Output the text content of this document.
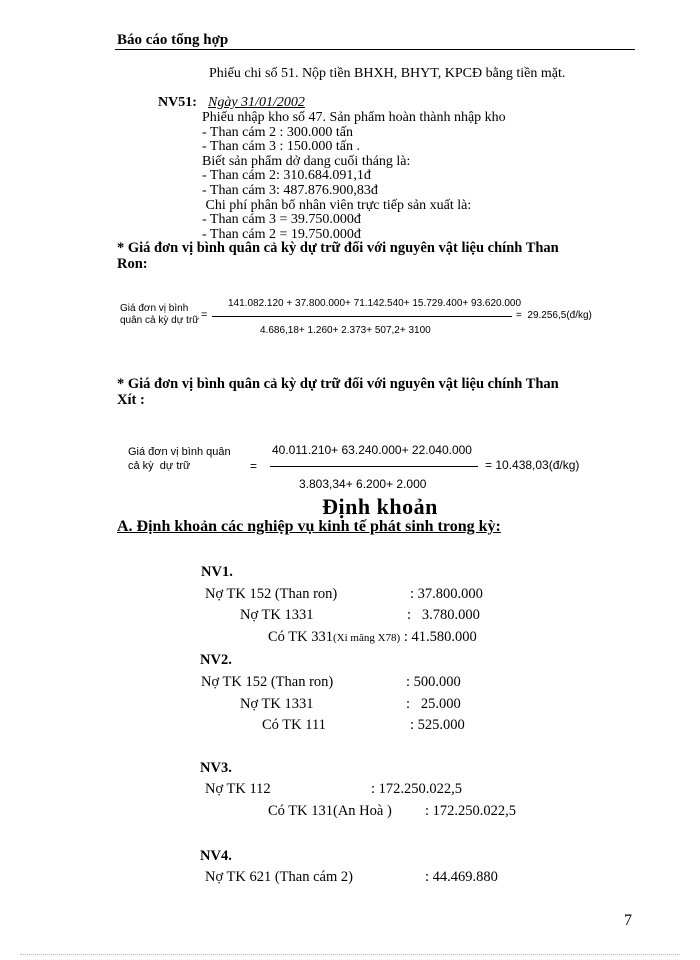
Báo cáo tổng hợp
Phiếu chi số 51. Nộp tiền BHXH, BHYT, KPCĐ bằng tiền mặt.
NV51: Ngày 31/01/2002
Phiếu nhập kho số 47. Sản phẩm hoàn thành nhập kho
- Than cám 2 : 300.000 tấn
- Than cám 3 : 150.000 tấn .
Biết sản phẩm dở dang cuối tháng là:
- Than cám 2: 310.684.091,1đ
- Than cám 3: 487.876.900,83đ
Chi phí phân bổ nhân viên trực tiếp sản xuất là:
- Than cám 3 = 39.750.000đ
- Than cám 2 = 19.750.000đ
* Giá đơn vị bình quân cả kỳ dự trữ đối với nguyên vật liệu chính Than
Ron:
Giá đơn vị bình
quân cả kỳ dự trữ =
141.082.120 + 37.800.000+ 71.142.540+ 15.729.400+ 93.620.000
4.686,18+ 1.260+ 2.373+ 507,2+ 3100
=  29.256,5(đ/kg)
* Giá đơn vị bình quân cả kỳ dự trữ đối với nguyên vật liệu chính Than
Xít :
Giá đơn vị bình quân
cả kỳ  dự trữ	=
40.011.210+ 63.240.000+ 22.040.000
3.803,34+ 6.200+ 2.000
= 10.438,03(đ/kg)
Định khoản
A. Định khoản các nghiệp vụ kinh tế phát sinh trong kỳ:
NV1.
Nợ TK 152 (Than ron)	: 37.800.000
Nợ TK 1331	:   3.780.000
Có TK 331(Xi măng X78) : 41.580.000
NV2.
Nợ TK 152 (Than ron)	: 500.000
Nợ TK 1331	:   25.000
Có TK 111	: 525.000
NV3.
Nợ TK 112	: 172.250.022,5
Có TK 131(An Hoà ) : 172.250.022,5
NV4.
Nợ TK 621 (Than cám 2)	: 44.469.880
7
